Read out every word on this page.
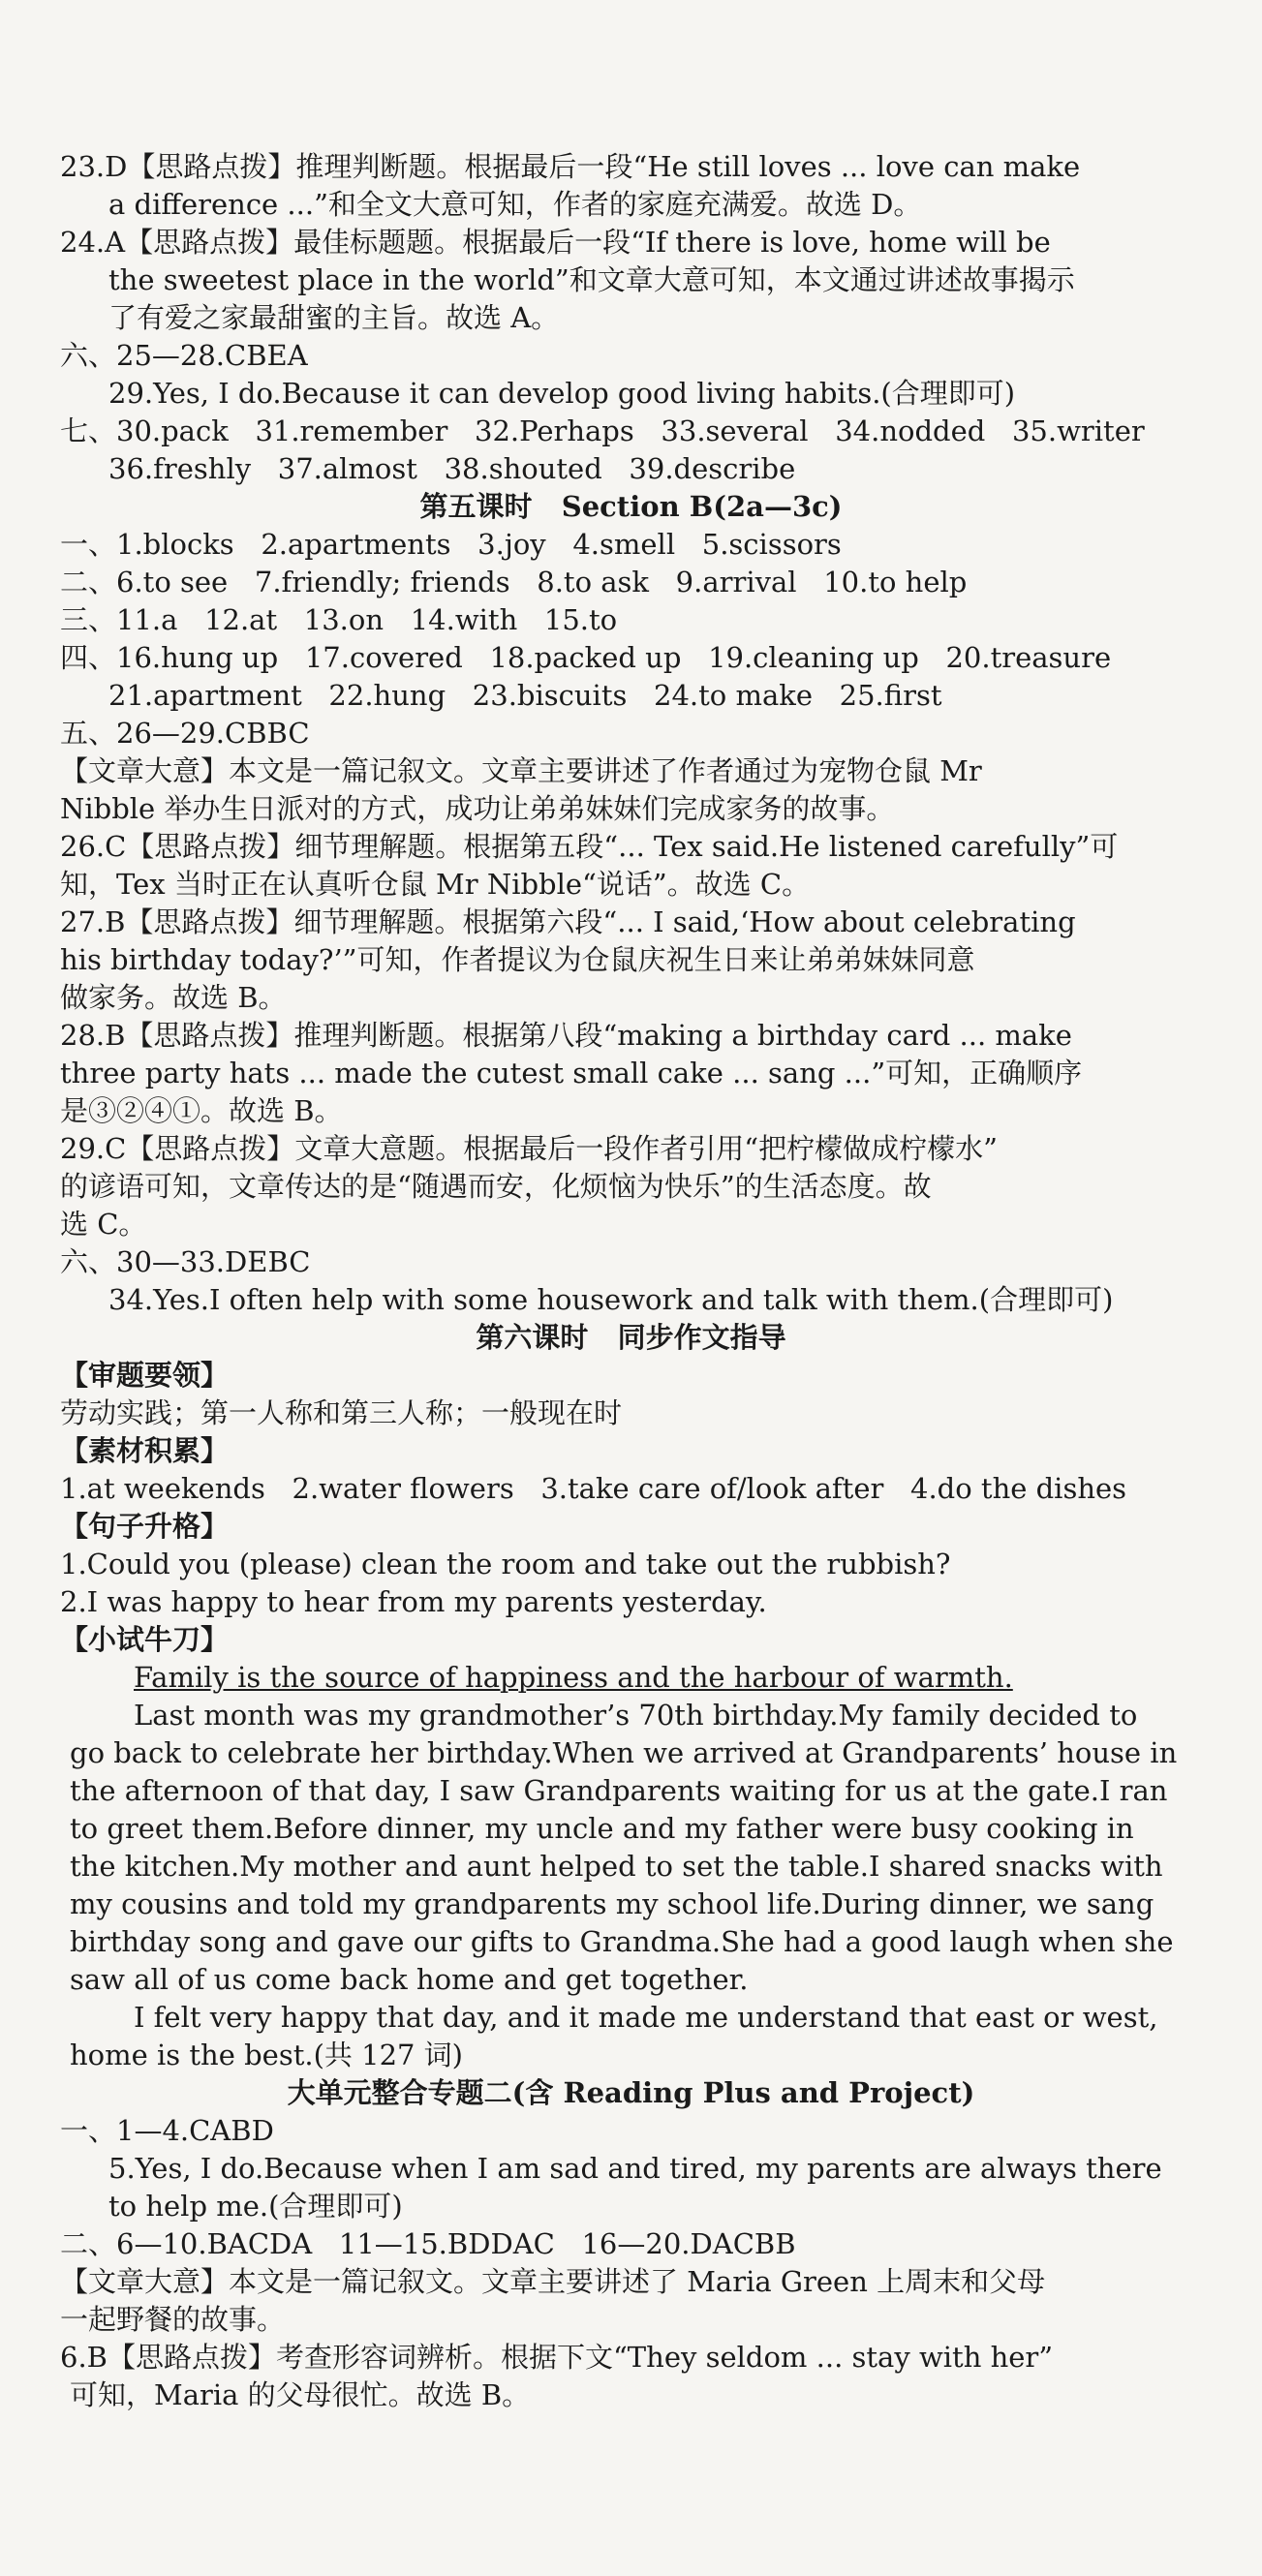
23.D【思路点拨】推理判断题。根据最后一段“He still loves ... love can make
a difference ...”和全文大意可知，作者的家庭充满爱。故选 D。
24.A【思路点拨】最佳标题题。根据最后一段“If there is love, home will be
the sweetest place in the world”和文章大意可知，本文通过讲述故事揭示
了有爱之家最甜蜜的主旨。故选 A。
六、25—28.CBEA
29.Yes, I do.Because it can develop good living habits.(合理即可)
七、30.pack   31.remember   32.Perhaps   33.several   34.nodded   35.writer
36.freshly   37.almost   38.shouted   39.describe
第五课时   Section B(2a—3c)
一、1.blocks   2.apartments   3.joy   4.smell   5.scissors
二、6.to see   7.friendly; friends   8.to ask   9.arrival   10.to help
三、11.a   12.at   13.on   14.with   15.to
四、16.hung up   17.covered   18.packed up   19.cleaning up   20.treasure
21.apartment   22.hung   23.biscuits   24.to make   25.first
五、26—29.CBBC
【文章大意】本文是一篇记叙文。文章主要讲述了作者通过为宠物仓鼠 Mr
Nibble 举办生日派对的方式，成功让弟弟妹妹们完成家务的故事。
26.C【思路点拨】细节理解题。根据第五段“... Tex said.He listened carefully”可
知，Tex 当时正在认真听仓鼠 Mr Nibble“说话”。故选 C。
27.B【思路点拨】细节理解题。根据第六段“... I said,‘How about celebrating
his birthday today?’”可知，作者提议为仓鼠庆祝生日来让弟弟妹妹同意
做家务。故选 B。
28.B【思路点拨】推理判断题。根据第八段“making a birthday card ... make
three party hats ... made the cutest small cake ... sang ...”可知，正确顺序
是③②④①。故选 B。
29.C【思路点拨】文章大意题。根据最后一段作者引用“把柠檬做成柠檬水”
的谚语可知，文章传达的是“随遇而安，化烦恼为快乐”的生活态度。故
选 C。
六、30—33.DEBC
34.Yes.I often help with some housework and talk with them.(合理即可)
第六课时   同步作文指导
【审题要领】
劳动实践；第一人称和第三人称；一般现在时
【素材积累】
1.at weekends   2.water flowers   3.take care of/look after   4.do the dishes
【句子升格】
1.Could you (please) clean the room and take out the rubbish?
2.I was happy to hear from my parents yesterday.
【小试牛刀】
Family is the source of happiness and the harbour of warmth.
Last month was my grandmother’s 70th birthday.My family decided to
go back to celebrate her birthday.When we arrived at Grandparents’ house in
the afternoon of that day, I saw Grandparents waiting for us at the gate.I ran
to greet them.Before dinner, my uncle and my father were busy cooking in
the kitchen.My mother and aunt helped to set the table.I shared snacks with
my cousins and told my grandparents my school life.During dinner, we sang
birthday song and gave our gifts to Grandma.She had a good laugh when she
saw all of us come back home and get together.
I felt very happy that day, and it made me understand that east or west,
home is the best.(共 127 词)
大单元整合专题二(含 Reading Plus and Project)
一、1—4.CABD
5.Yes, I do.Because when I am sad and tired, my parents are always there
to help me.(合理即可)
二、6—10.BACDA   11—15.BDDAC   16—20.DACBB
【文章大意】本文是一篇记叙文。文章主要讲述了 Maria Green 上周末和父母
一起野餐的故事。
6.B【思路点拨】考查形容词辨析。根据下文“They seldom ... stay with her”
可知，Maria 的父母很忙。故选 B。
